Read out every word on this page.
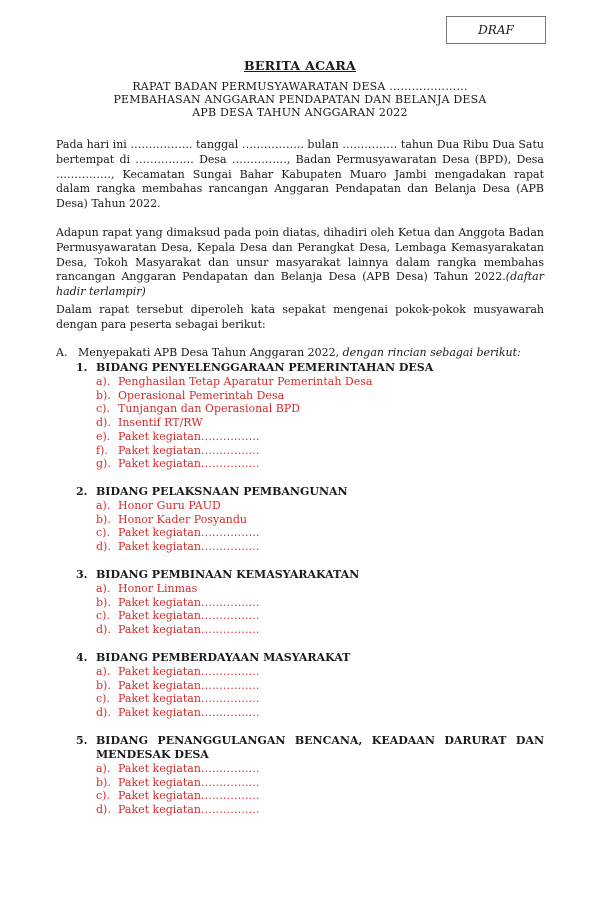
DRAF
BERITA ACARA
RAPAT BADAN PERMUSYAWARATAN DESA …………………
PEMBAHASAN ANGGARAN PENDAPATAN DAN BELANJA DESA
APB DESA TAHUN ANGGARAN 2022
Pada hari ini …………….. tanggal …………….. bulan …………… tahun Dua Ribu Dua Satu bertempat di ……………. Desa ……………, Badan Permusyawaratan Desa (BPD), Desa ……………, Kecamatan Sungai Bahar Kabupaten Muaro Jambi mengadakan rapat dalam rangka membahas rancangan Anggaran Pendapatan dan Belanja Desa (APB Desa) Tahun 2022.
Adapun rapat yang dimaksud pada poin diatas, dihadiri oleh Ketua dan Anggota Badan Permusyawaratan Desa, Kepala Desa dan Perangkat Desa, Lembaga Kemasyarakatan Desa, Tokoh Masyarakat dan unsur masyarakat lainnya dalam rangka membahas rancangan Anggaran Pendapatan dan Belanja Desa (APB Desa) Tahun 2022.(daftar hadir terlampir)
Dalam rapat tersebut diperoleh kata sepakat mengenai pokok-pokok musyawarah dengan para peserta sebagai berikut:
A. Menyepakati APB Desa Tahun Anggaran 2022, dengan rincian sebagai berikut:
1. BIDANG PENYELENGGARAAN PEMERINTAHAN DESA
a). Penghasilan Tetap Aparatur Pemerintah Desa
b). Operasional Pemerintah Desa
c). Tunjangan dan Operasional BPD
d). Insentif RT/RW
e). Paket kegiatan…………….
f). Paket kegiatan…………….
g). Paket kegiatan…………….
2. BIDANG PELAKSNAAN PEMBANGUNAN
a). Honor Guru PAUD
b). Honor Kader Posyandu
c). Paket kegiatan…………….
d). Paket kegiatan…………….
3. BIDANG PEMBINAAN KEMASYARAKATAN
a). Honor Linmas
b). Paket kegiatan…………….
c). Paket kegiatan…………….
d). Paket kegiatan…………….
4. BIDANG PEMBERDAYAAN MASYARAKAT
a). Paket kegiatan…………….
b). Paket kegiatan…………….
c). Paket kegiatan…………….
d). Paket kegiatan…………….
5. BIDANG PENANGGULANGAN BENCANA, KEADAAN DARURAT DAN MENDESAK DESA
a). Paket kegiatan…………….
b). Paket kegiatan…………….
c). Paket kegiatan…………….
d). Paket kegiatan…………….
